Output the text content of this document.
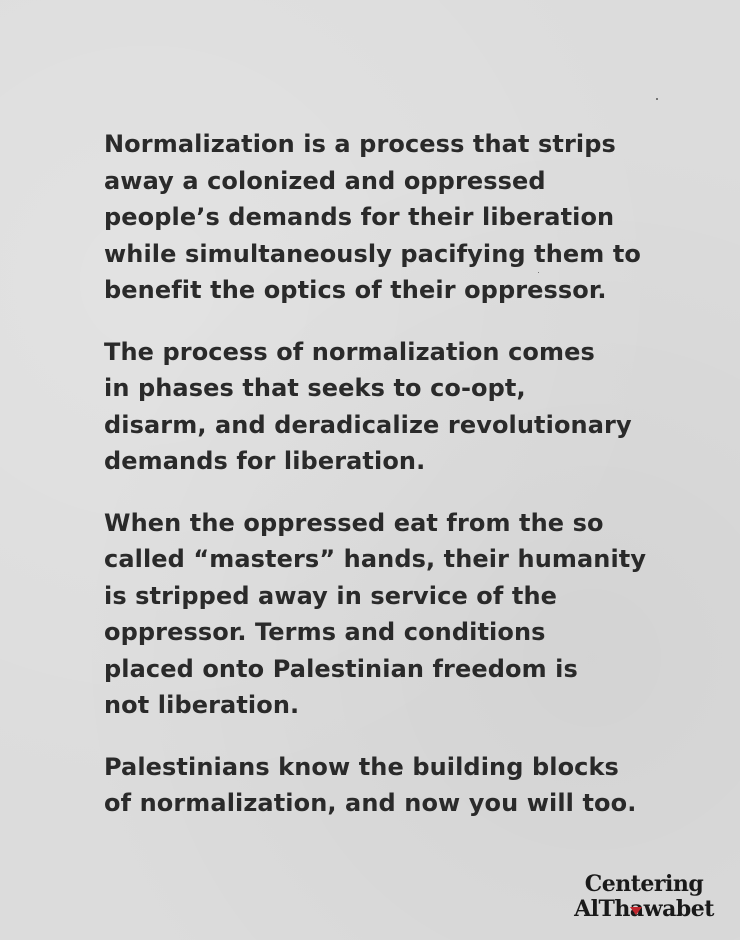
Normalization is a process that strips
away a colonized and oppressed
people’s demands for their liberation
while simultaneously pacifying them to
benefit the optics of their oppressor.

The process of normalization comes
in phases that seeks to co-opt,
disarm, and deradicalize revolutionary
demands for liberation.

When the oppressed eat from the so
called “masters” hands, their humanity
is stripped away in service of the
oppressor. Terms and conditions
placed onto Palestinian freedom is
not liberation.

Palestinians know the building blocks
of normalization, and now you will too.

Centering
AlThawabet
